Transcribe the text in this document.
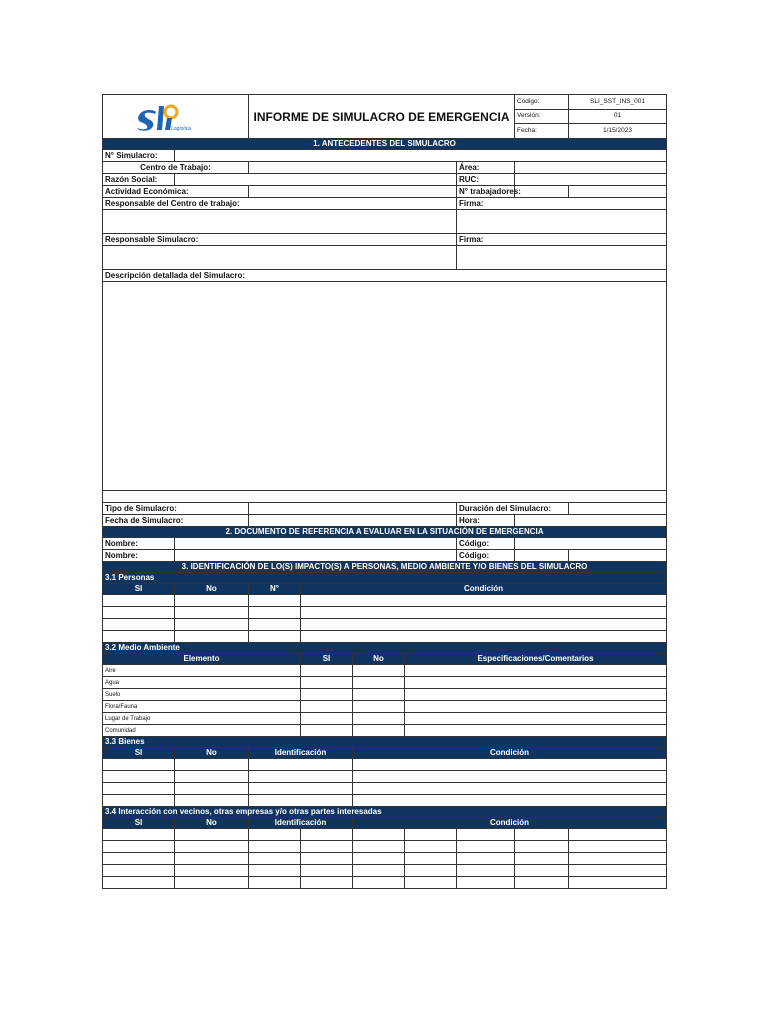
Logística		INFORME DE SIMULACRO DE EMERGENCIA					Código:	SLI_SST_INS_001
							Versión:	01
							Fecha:	1/15/2023
1. ANTECEDENTES DEL SIMULACRO								
N° Simulacro:								
Centro de Trabajo:						Área:		
Razón Social:						RUC:		
Actividad Económica:						N° trabajadores:		
Responsable del Centro de trabajo:						Firma:		

Responsable Simulacro:						Firma:		

Descripción detallada del Simulacro:								

Tipo de Simulacro:						Duración del Simulacro:		
Fecha de Simulacro:						Hora:		
2. DOCUMENTO DE REFERENCIA A EVALUAR EN LA SITUACIÓN DE EMERGENCIA								
Nombre:						Código:		
Nombre:						Código:		
3. IDENTIFICACIÓN DE LO(S) IMPACTO(S) A PERSONAS, MEDIO AMBIENTE Y/O BIENES DEL SIMULACRO								
3.1 Personas								
SI	No	N°	Condición					

3.2 Medio Ambiente								
Elemento			SI	No	Especificaciones/Comentarios			
Aire								
Agua								
Suelo								
Flora/Fauna								
Lugar de Trabajo								
Comunidad								
3.3 Bienes								
SI	No	Identificación		Condición				

3.4 Interacción con vecinos, otras empresas y/o otras partes interesadas								
SI	No	Identificación		Condición				
